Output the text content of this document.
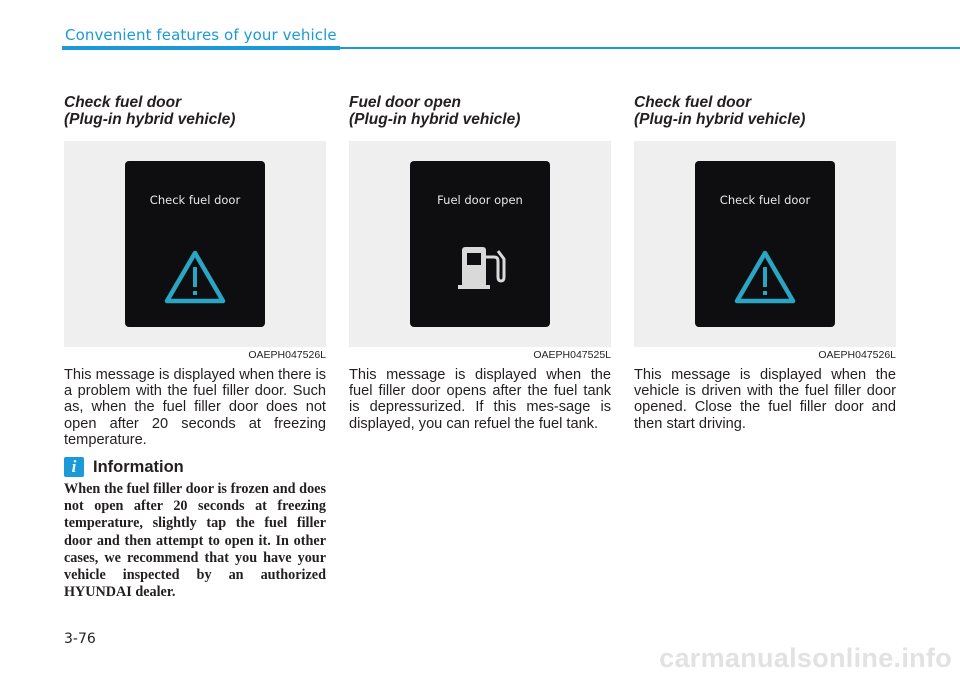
Convenient features of your vehicle

Check fuel door
(Plug-in hybrid vehicle)

Check fuel door
OAEPH047526L
This message is displayed when there is a problem with the fuel filler door. Such as, when the fuel filler door does not open after 20 seconds at freezing temperature.

Fuel door open
(Plug-in hybrid vehicle)

Fuel door open
OAEPH047525L
This message is displayed when the fuel filler door opens after the fuel tank is depressurized. If this mes-sage is displayed, you can refuel the fuel tank.

Check fuel door
(Plug-in hybrid vehicle)

Check fuel door
OAEPH047526L
This message is displayed when the vehicle is driven with the fuel filler door opened. Close the fuel filler door and then start driving.
i	Information
When the fuel filler door is frozen and does not open after 20 seconds at freezing temperature, slightly tap the fuel filler door and then attempt to open it. In other cases, we recommend that you have your vehicle inspected by an authorized HYUNDAI dealer.
3-76
carmanualsonline.info
